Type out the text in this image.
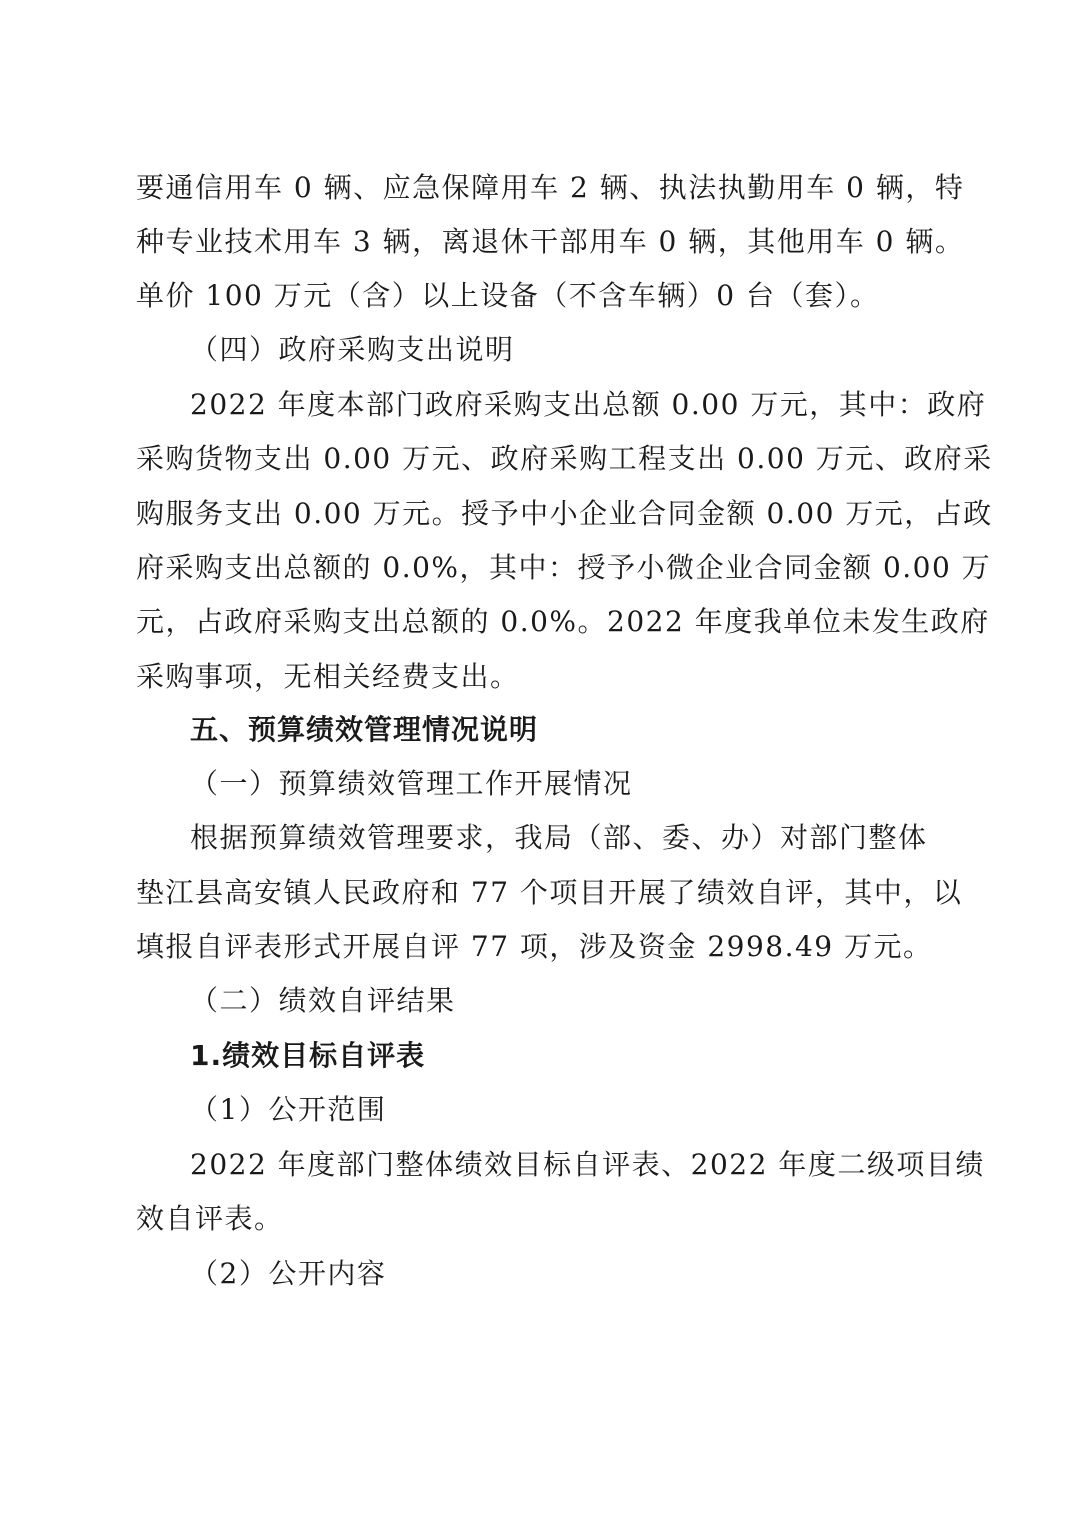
要通信用车 0 辆、应急保障用车 2 辆、执法执勤用车 0 辆，特
种专业技术用车 3 辆，离退休干部用车 0 辆，其他用车 0 辆。
单价 100 万元（含）以上设备（不含车辆）0 台（套）。
（四）政府采购支出说明
2022 年度本部门政府采购支出总额 0.00 万元，其中：政府
采购货物支出 0.00 万元、政府采购工程支出 0.00 万元、政府采
购服务支出 0.00 万元。授予中小企业合同金额 0.00 万元，占政
府采购支出总额的 0.0%，其中：授予小微企业合同金额 0.00 万
元，占政府采购支出总额的 0.0%。2022 年度我单位未发生政府
采购事项，无相关经费支出。
五、预算绩效管理情况说明
（一）预算绩效管理工作开展情况
根据预算绩效管理要求，我局（部、委、办）对部门整体
垫江县高安镇人民政府和 77 个项目开展了绩效自评，其中，以
填报自评表形式开展自评 77 项，涉及资金 2998.49 万元。
（二）绩效自评结果
1.绩效目标自评表
（1）公开范围
2022 年度部门整体绩效目标自评表、2022 年度二级项目绩
效自评表。
（2）公开内容
